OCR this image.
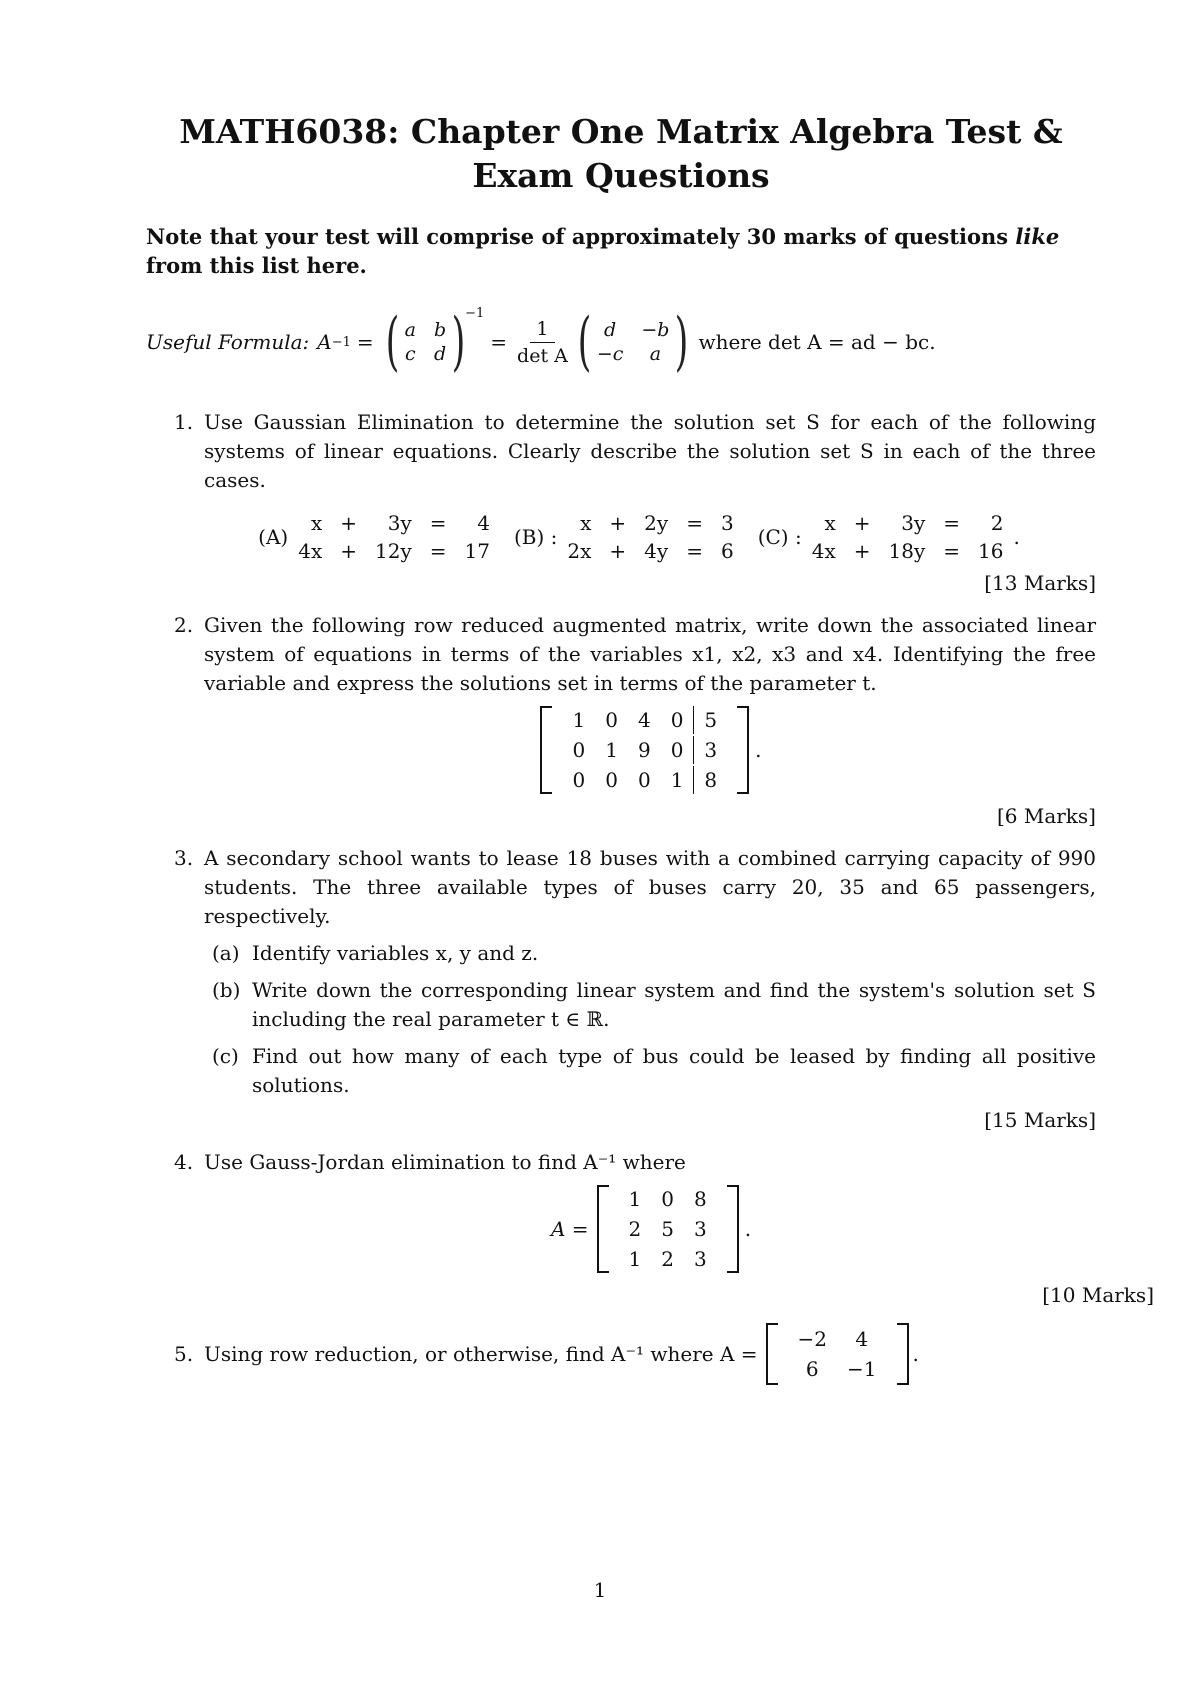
MATH6038: Chapter One Matrix Algebra Test & Exam Questions
Note that your test will comprise of approximately 30 marks of questions like from this list here.
Useful Formula: A −1 = ( a b
c d ) −1
= $\frac{1}{\text{det A}}$ ( d	−b
−c	a ) where det A = ad − bc.
1. Use Gaussian Elimination to determine the solution set S for each of the following systems of linear equations. Clearly describe the solution set S in each of the three cases.
(A)
x +	3y =	4
4x + 12y = 17
(B) :
x + 2y = 3
2x + 4y = 6
(C) :
x +	3y =	2
4x + 18y = 16
.
[13 Marks]
2. Given the following row reduced augmented matrix, write down the associated linear system of equations in terms of the variables x1, x2, x3 and x4. Identifying the free variable and express the solutions set in terms of the parameter t.
1	0	4	0	5
0	1	9	0	3
0	0	0	1	8
.
[6 Marks]
3. A secondary school wants to lease 18 buses with a combined carrying capacity of 990 students. The three available types of buses carry 20, 35 and 65 passengers, respectively.
(a) Identify variables x, y and z.
(b) Write down the corresponding linear system and find the system's solution set S including the real parameter t ∈ ℝ.
(c) Find out how many of each type of bus could be leased by finding all positive solutions.
[15 Marks]
4. Use Gauss-Jordan elimination to find A⁻¹ where
A =
1	0	8
2	5	3
1	2	3
.
[10 Marks]
5. Using row reduction, or otherwise, find A⁻¹ where A =
−2	4
6	−1
.
1
